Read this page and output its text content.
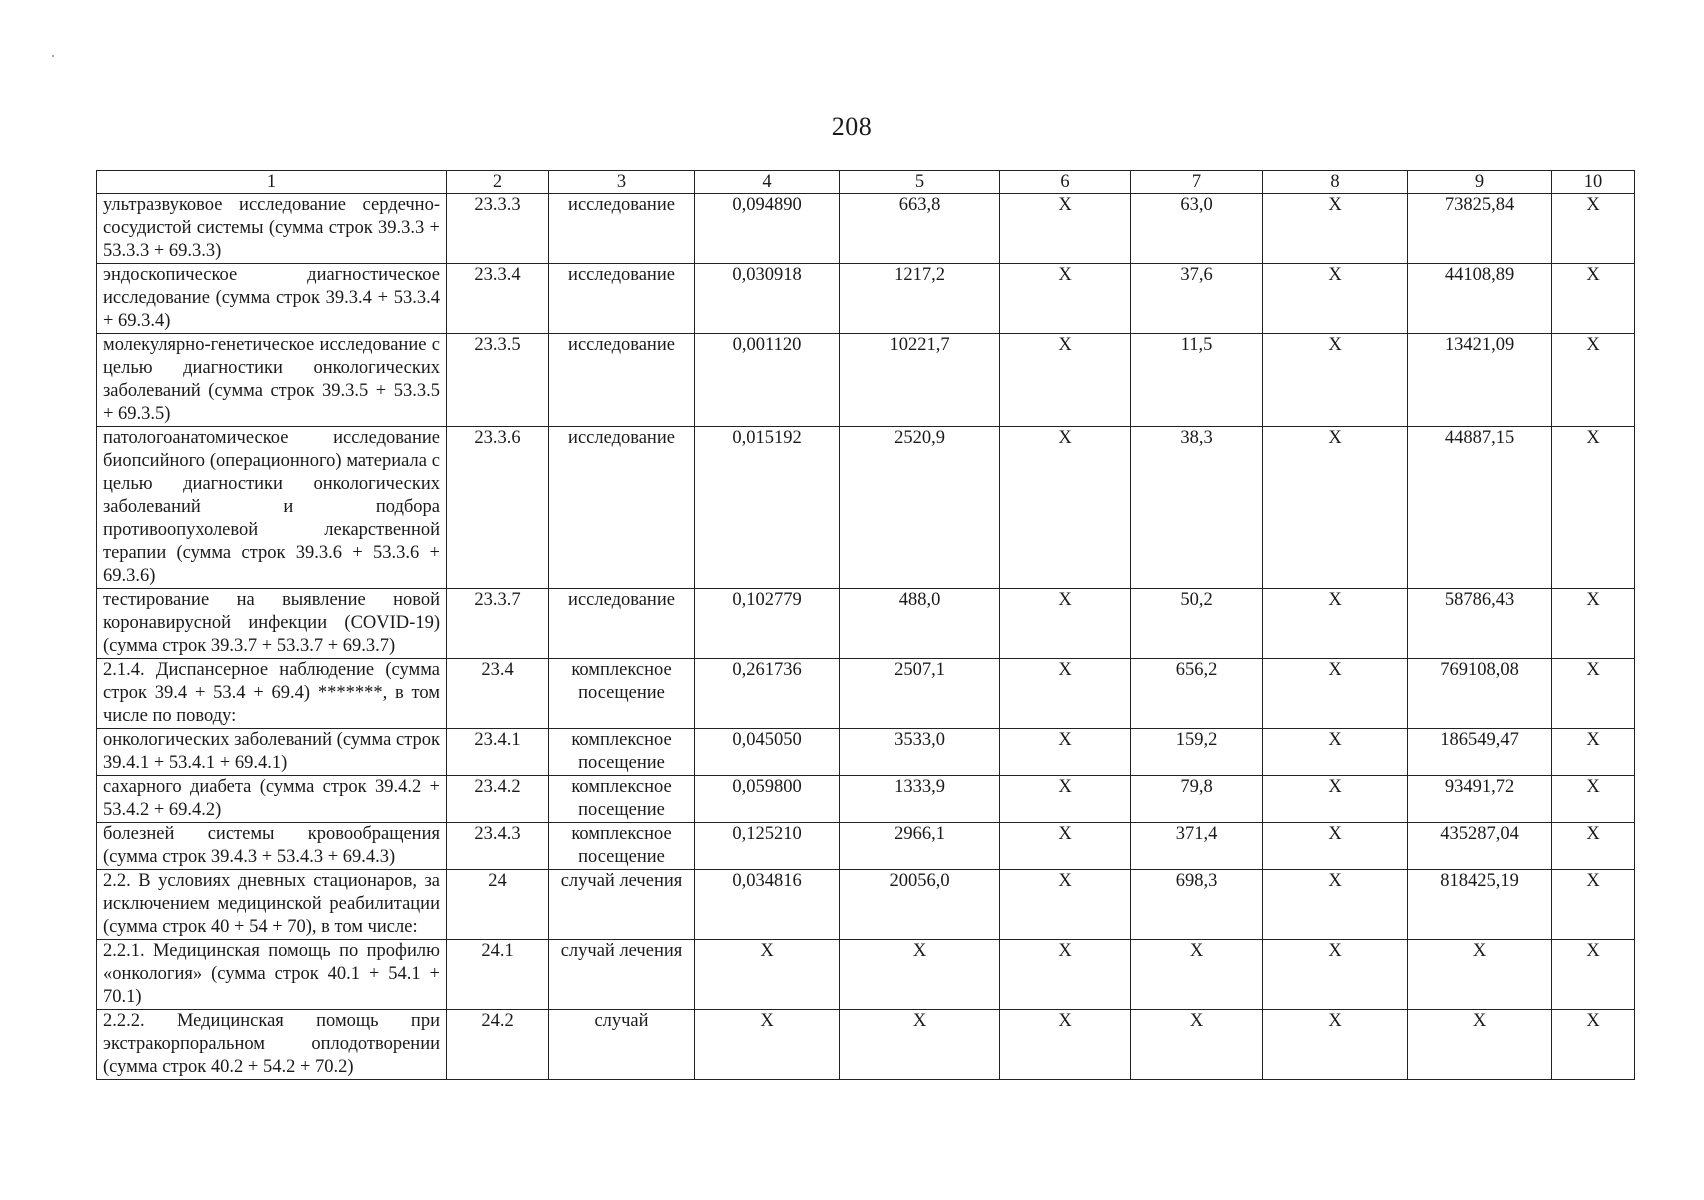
208
1	2	3	4	5	6	7	8	9	10
ультразвуковое исследование сердечно-сосудистой системы (сумма строк 39.3.3 + 53.3.3 + 69.3.3)	23.3.3	исследование	0,094890	663,8	X	63,0	X	73825,84	X
эндоскопическое диагностическое исследование (сумма строк 39.3.4 + 53.3.4 + 69.3.4)	23.3.4	исследование	0,030918	1217,2	X	37,6	X	44108,89	X
молекулярно-генетическое исследование с целью диагностики онкологических заболеваний (сумма строк 39.3.5 + 53.3.5 + 69.3.5)	23.3.5	исследование	0,001120	10221,7	X	11,5	X	13421,09	X
патологоанатомическое исследование биопсийного (операционного) материала с целью диагностики онкологических заболеваний и подбора противоопухолевой лекарственной терапии (сумма строк 39.3.6 + 53.3.6 + 69.3.6)	23.3.6	исследование	0,015192	2520,9	X	38,3	X	44887,15	X
тестирование на выявление новой коронавирусной инфекции (COVID-19) (сумма строк 39.3.7 + 53.3.7 + 69.3.7)	23.3.7	исследование	0,102779	488,0	X	50,2	X	58786,43	X
2.1.4. Диспансерное наблюдение (сумма строк 39.4 + 53.4 + 69.4) *******, в том числе по поводу:	23.4	комплексное посещение	0,261736	2507,1	X	656,2	X	769108,08	X
онкологических заболеваний (сумма строк 39.4.1 + 53.4.1 + 69.4.1)	23.4.1	комплексное посещение	0,045050	3533,0	X	159,2	X	186549,47	X
сахарного диабета (сумма строк 39.4.2 + 53.4.2 + 69.4.2)	23.4.2	комплексное посещение	0,059800	1333,9	X	79,8	X	93491,72	X
болезней системы кровообращения (сумма строк 39.4.3 + 53.4.3 + 69.4.3)	23.4.3	комплексное посещение	0,125210	2966,1	X	371,4	X	435287,04	X
2.2. В условиях дневных стационаров, за исключением медицинской реабилитации (сумма строк 40 + 54 + 70), в том числе:	24	случай лечения	0,034816	20056,0	X	698,3	X	818425,19	X
2.2.1. Медицинская помощь по профилю «онкология» (сумма строк 40.1 + 54.1 + 70.1)	24.1	случай лечения	X	X	X	X	X	X	X
2.2.2. Медицинская помощь при экстракорпоральном оплодотворении (сумма строк 40.2 + 54.2 + 70.2)	24.2	случай	X	X	X	X	X	X	X
